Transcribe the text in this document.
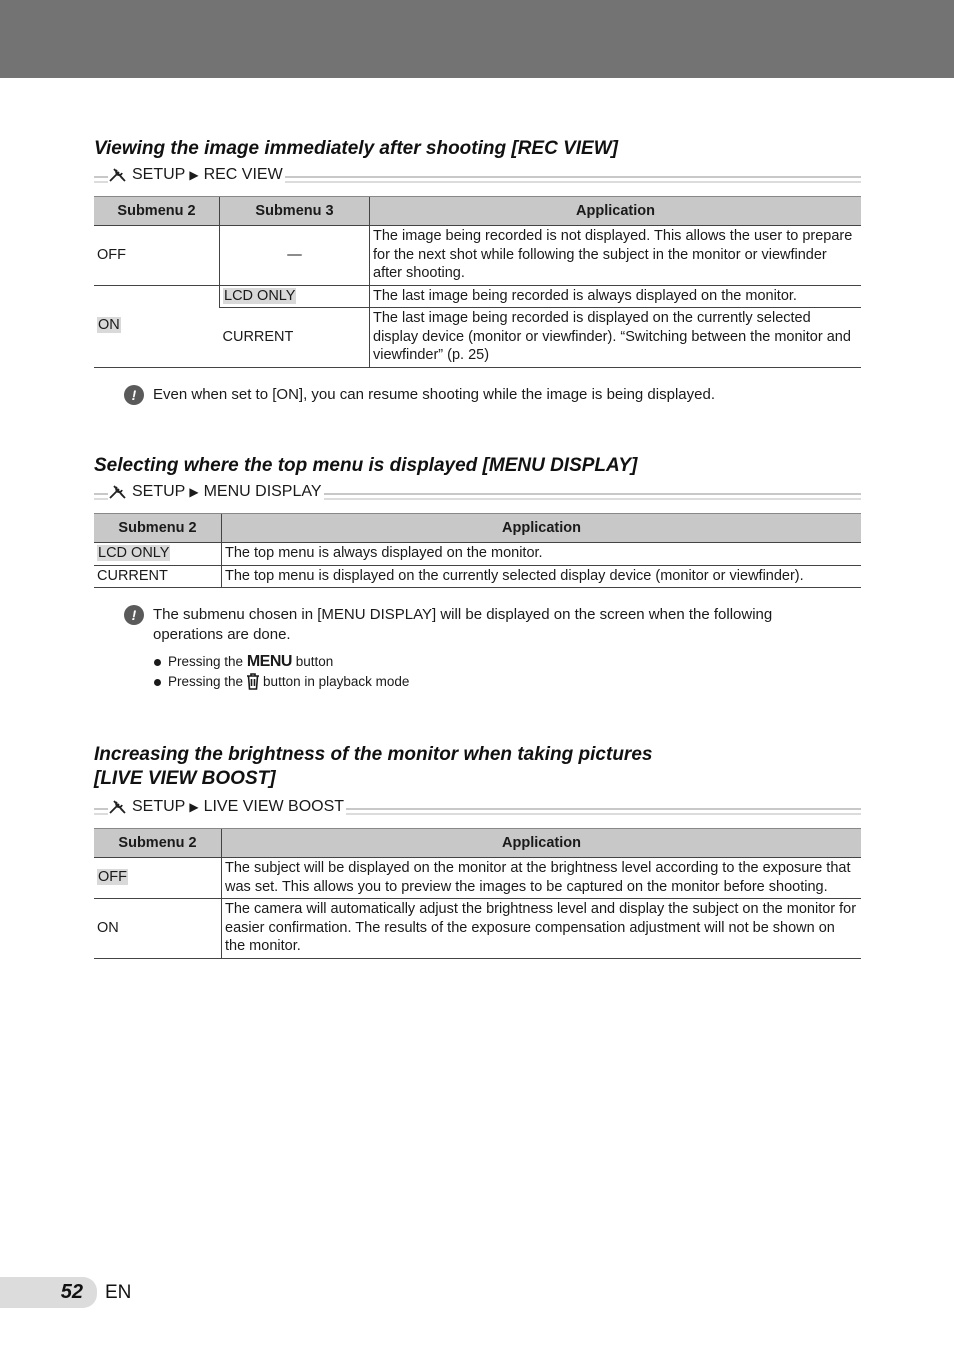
Viewing the image immediately after shooting [REC VIEW]
SETUP ▶ REC VIEW
Submenu 2	Submenu 3	Application
OFF	—	The image being recorded is not displayed. This allows the user to prepare for the next shot while following the subject in the monitor or viewfinder after shooting.
ON	LCD ONLY	The last image being recorded is always displayed on the monitor.
	CURRENT	The last image being recorded is displayed on the currently selected display device (monitor or viewfinder). “Switching between the monitor and viewfinder” (p. 25)
!	Even when set to [ON], you can resume shooting while the image is being displayed.
Selecting where the top menu is displayed [MENU DISPLAY]
SETUP ▶ MENU DISPLAY
Submenu 2	Application
LCD ONLY	The top menu is always displayed on the monitor.
CURRENT	The top menu is displayed on the currently selected display device (monitor or viewfinder).
!	The submenu chosen in [MENU DISPLAY] will be displayed on the screen when the following operations are done.
Pressing the MENU button
Pressing the button in playback mode
Increasing the brightness of the monitor when taking pictures
[LIVE VIEW BOOST]
SETUP ▶ LIVE VIEW BOOST
Submenu 2	Application
OFF	The subject will be displayed on the monitor at the brightness level according to the exposure that was set. This allows you to preview the images to be captured on the monitor before shooting.
ON	The camera will automatically adjust the brightness level and display the subject on the monitor for easier confirmation. The results of the exposure compensation adjustment will not be shown on the monitor.
52 EN
